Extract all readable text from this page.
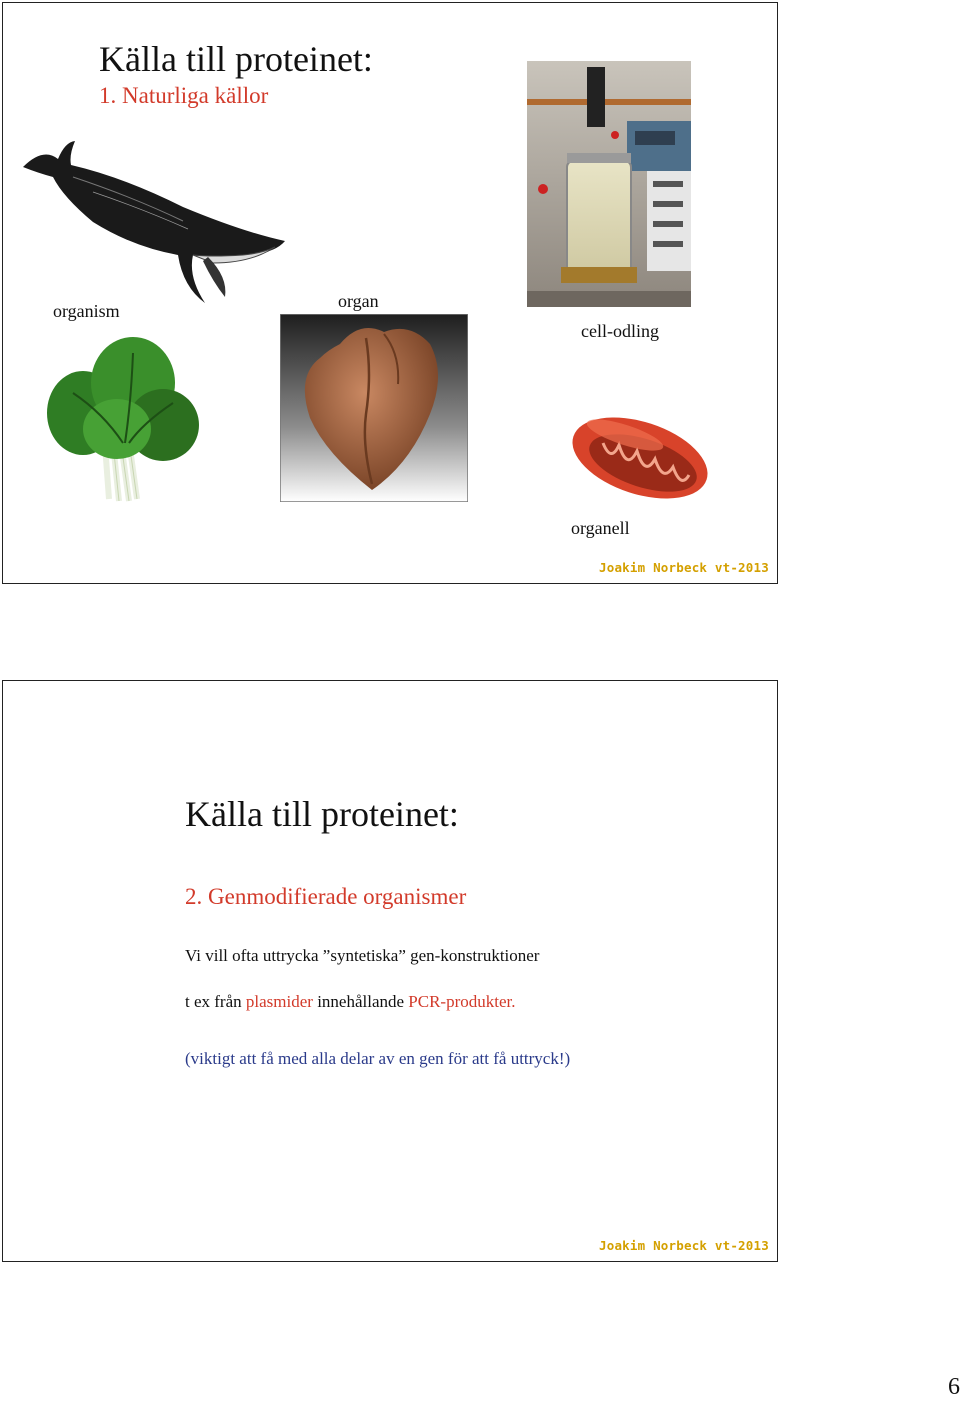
Källa till proteinet:
1. Naturliga källor
organism	organ
cell-odling
organell
Joakim Norbeck vt-2013
Källa till proteinet:
2. Genmodifierade organismer
Vi vill ofta uttrycka ”syntetiska” gen-konstruktioner
t ex från plasmider innehållande PCR-produkter.
(viktigt att få med alla delar av en gen för att få uttryck!)
Joakim Norbeck vt-2013
6
